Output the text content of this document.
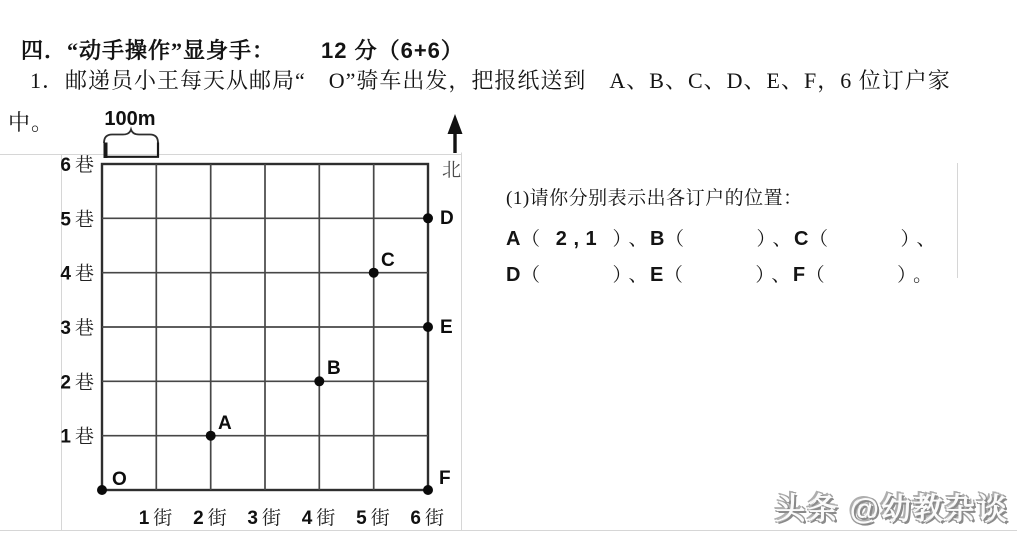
100m
北
6 巷
5 巷
4 巷
3 巷
2 巷
1 巷
1 街 2 街 3 街 4 街 5 街 6 街
O
A
B
C
D
E
F

四．“动手操作”显身手： 12 分（6+6）

1．邮递员小王每天从邮局“　O”骑车出发，把报纸送到　A、B、C、D、E、F，6 位订户家
中。
(1)请你分别表示出各订户的位置：
A（ 2 , 1 ） 、 B（	） 、 C（	） 、
D（	） 、 E（	） 、 F（	） 。
头条 @幼教杂谈
